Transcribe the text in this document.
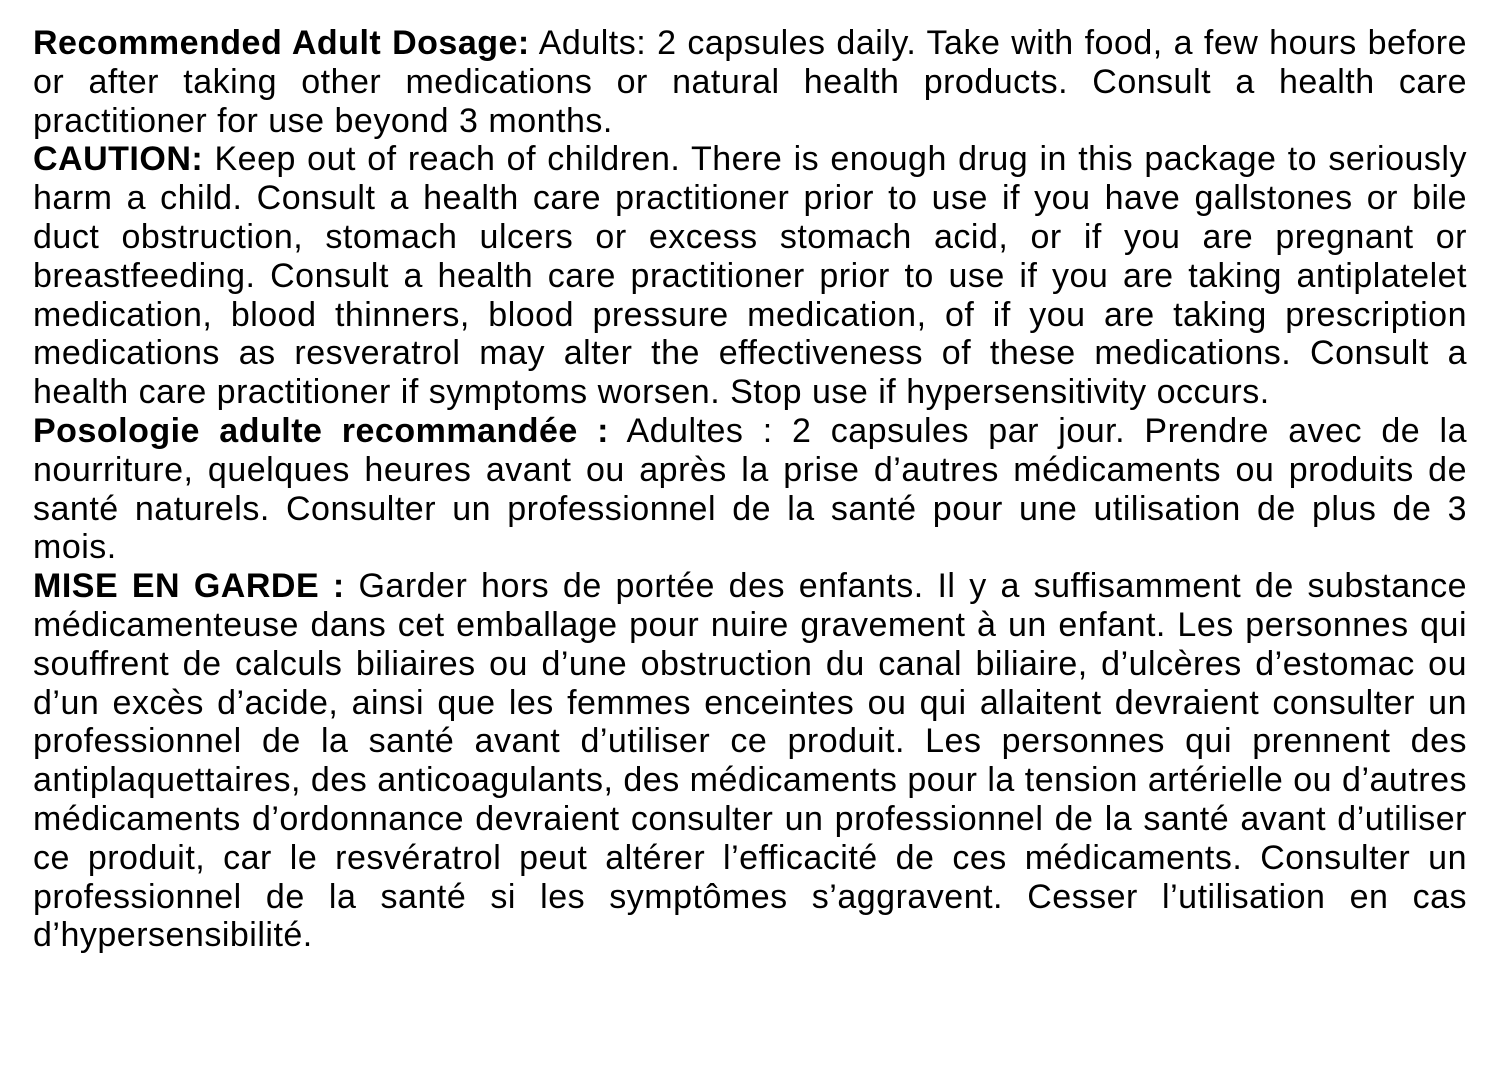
Recommended Adult Dosage: Adults: 2 capsules daily. Take with food, a few hours before or after taking other medications or natural health products. Consult a health care practitioner for use beyond 3 months.

CAUTION: Keep out of reach of children. There is enough drug in this package to seriously harm a child. Consult a health care practitioner prior to use if you have gallstones or bile duct obstruction, stomach ulcers or excess stomach acid, or if you are pregnant or breastfeeding. Consult a health care practitioner prior to use if you are taking antiplatelet medication, blood thinners, blood pressure medication, of if you are taking prescription medications as resveratrol may alter the effectiveness of these medications. Consult a health care practitioner if symptoms worsen. Stop use if hypersensitivity occurs.

Posologie adulte recommandée : Adultes : 2 capsules par jour. Prendre avec de la nourriture, quelques heures avant ou après la prise d’autres médicaments ou produits de santé naturels. Consulter un professionnel de la santé pour une utilisation de plus de 3 mois.

MISE EN GARDE : Garder hors de portée des enfants. Il y a suffisamment de substance médicamenteuse dans cet emballage pour nuire gravement à un enfant. Les personnes qui souffrent de calculs biliaires ou d’une obstruction du canal biliaire, d’ulcères d’estomac ou d’un excès d’acide, ainsi que les femmes enceintes ou qui allaitent devraient consulter un professionnel de la santé avant d’utiliser ce produit. Les personnes qui prennent des antiplaquettaires, des anticoagulants, des médicaments pour la tension artérielle ou d’autres médicaments d’ordonnance devraient consulter un professionnel de la santé avant d’utiliser ce produit, car le resvératrol peut altérer l’efficacité de ces médicaments. Consulter un professionnel de la santé si les symptômes s’aggravent. Cesser l’utilisation en cas d’hypersensibilité.
